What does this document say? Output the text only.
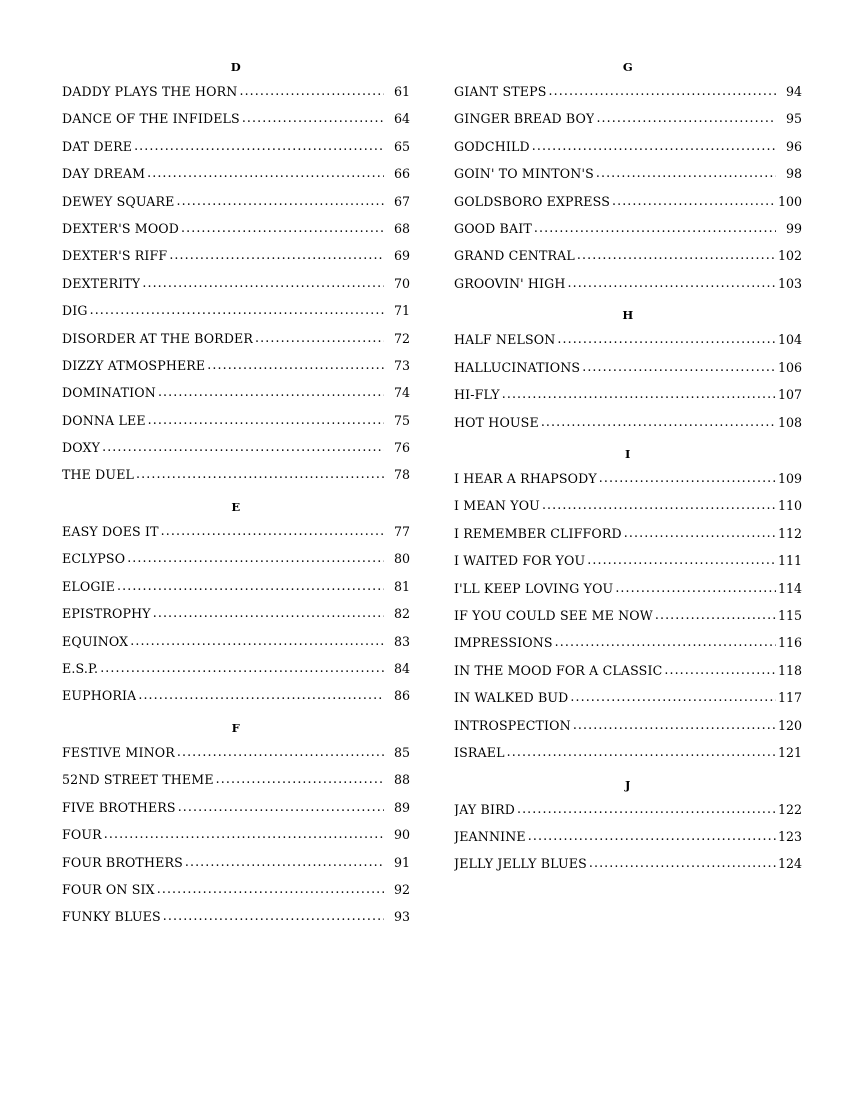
D
DADDY PLAYS THE HORN .....	61
DANCE OF THE INFIDELS .....	64
DAT DERE .....	65
DAY DREAM .....	66
DEWEY SQUARE .....	67
DEXTER'S MOOD .....	68
DEXTER'S RIFF .....	69
DEXTERITY .....	70
DIG .....	71
DISORDER AT THE BORDER .....	72
DIZZY ATMOSPHERE .....	73
DOMINATION .....	74
DONNA LEE .....	75
DOXY .....	76
THE DUEL .....	78
E
EASY DOES IT .....	77
ECLYPSO .....	80
ELOGIE .....	81
EPISTROPHY .....	82
EQUINOX .....	83
E.S.P. .....	84
EUPHORIA .....	86
F
FESTIVE MINOR .....	85
52ND STREET THEME .....	88
FIVE BROTHERS .....	89
FOUR .....	90
FOUR BROTHERS .....	91
FOUR ON SIX .....	92
FUNKY BLUES .....	93
G
GIANT STEPS .....	94
GINGER BREAD BOY .....	95
GODCHILD .....	96
GOIN' TO MINTON'S .....	98
GOLDSBORO EXPRESS .....	100
GOOD BAIT .....	99
GRAND CENTRAL .....	102
GROOVIN' HIGH .....	103
H
HALF NELSON .....	104
HALLUCINATIONS .....	106
HI-FLY .....	107
HOT HOUSE .....	108
I
I HEAR A RHAPSODY .....	109
I MEAN YOU .....	110
I REMEMBER CLIFFORD .....	112
I WAITED FOR YOU .....	111
I'LL KEEP LOVING YOU .....	114
IF YOU COULD SEE ME NOW .....	115
IMPRESSIONS .....	116
IN THE MOOD FOR A CLASSIC .....	118
IN WALKED BUD .....	117
INTROSPECTION .....	120
ISRAEL .....	121
J
JAY BIRD .....	122
JEANNINE .....	123
JELLY JELLY BLUES .....	124
